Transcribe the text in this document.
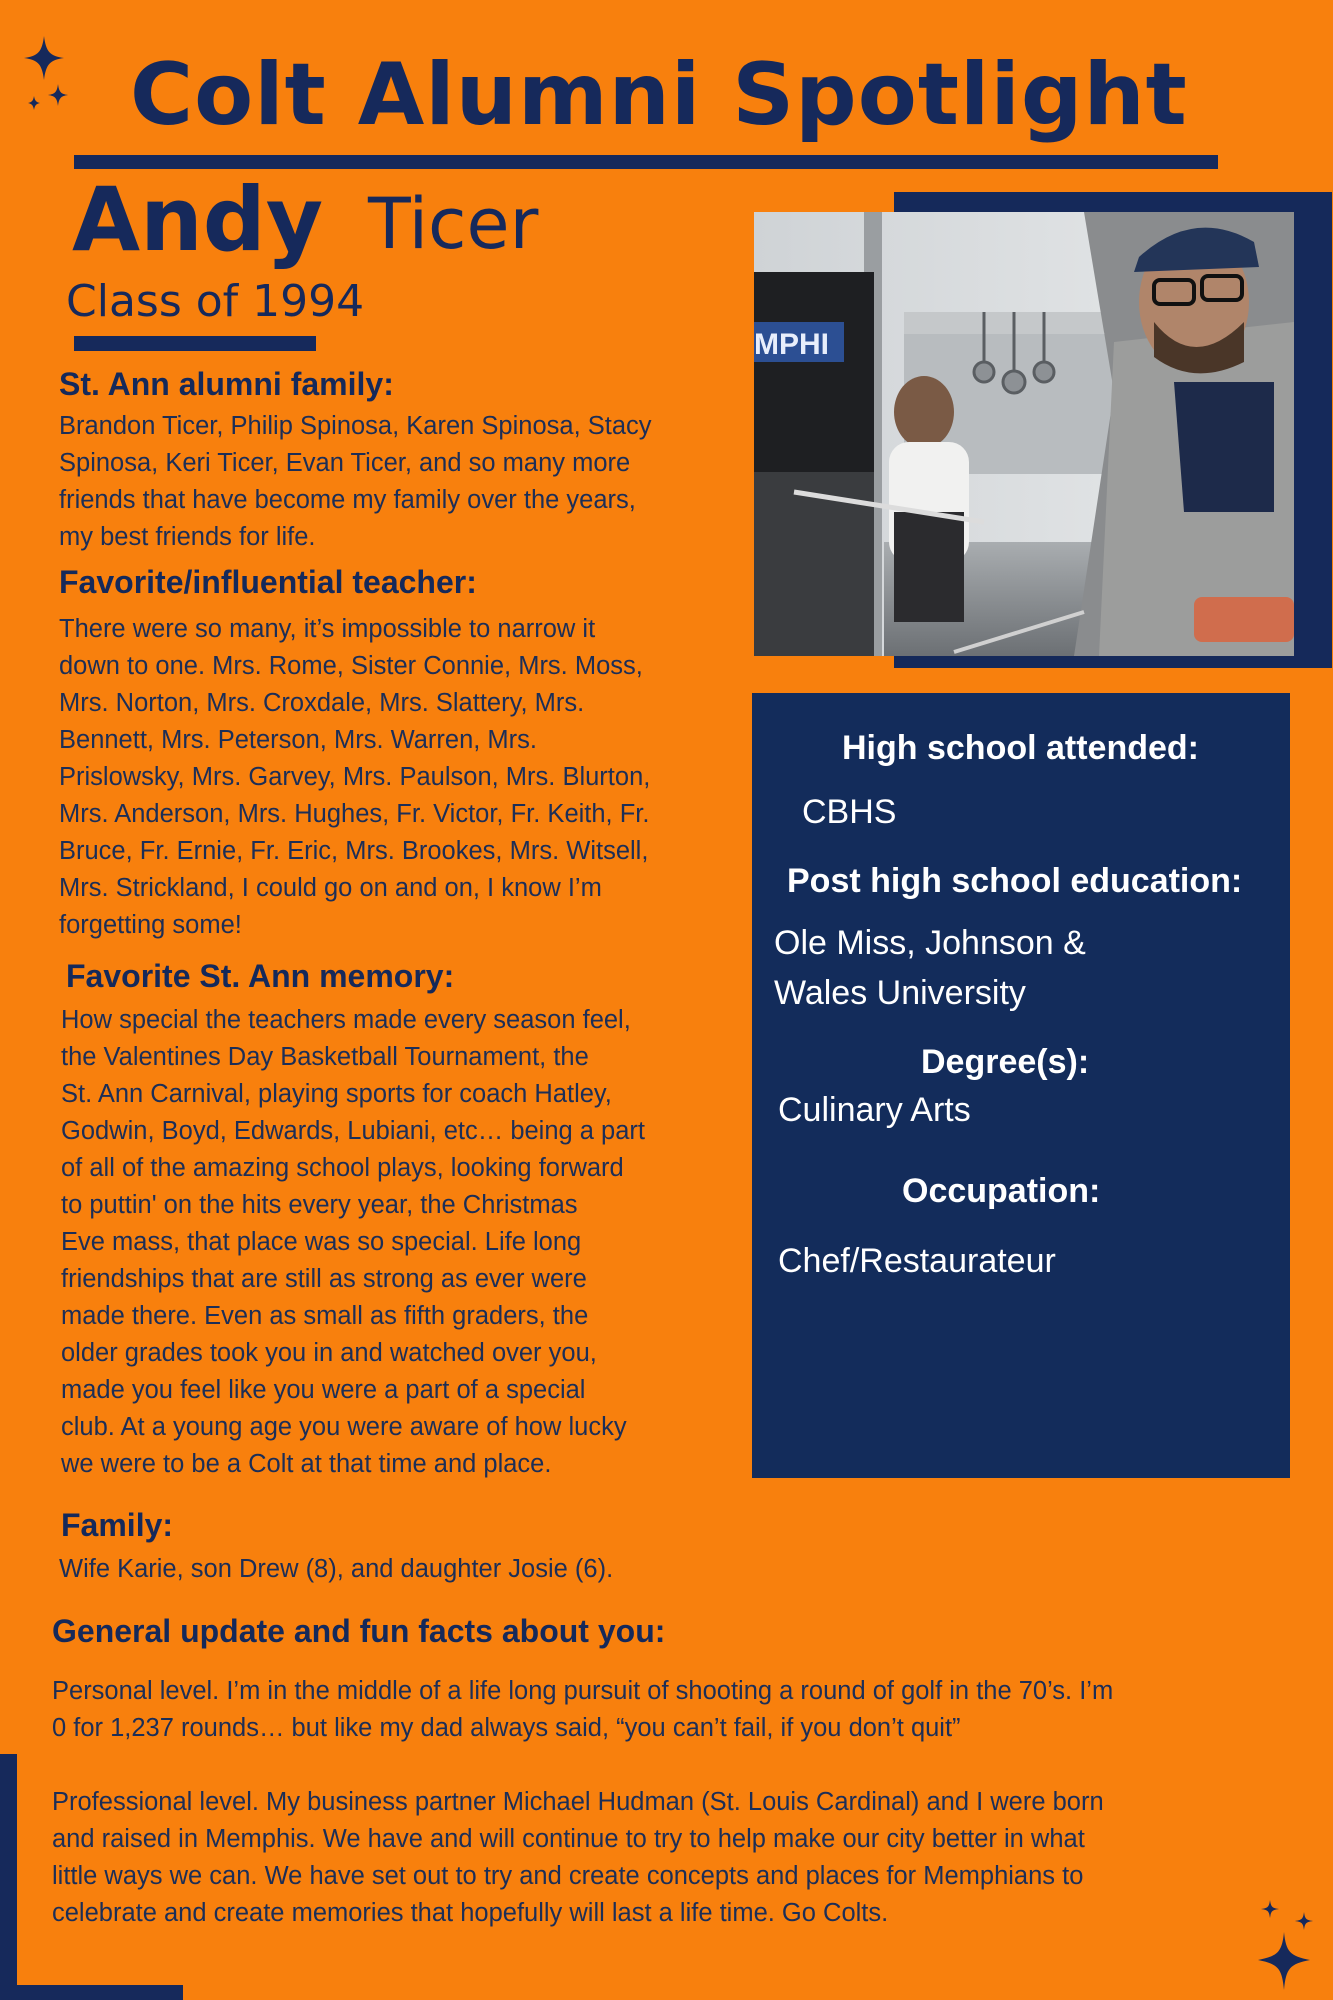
Colt Alumni Spotlight
Andy Ticer
Class of 1994
St. Ann alumni family:
Brandon Ticer, Philip Spinosa, Karen Spinosa, Stacy
Spinosa, Keri Ticer, Evan Ticer, and so many more
friends that have become my family over the years,
my best friends for life.
Favorite/influential teacher:
There were so many, it’s impossible to narrow it
down to one. Mrs. Rome, Sister Connie, Mrs. Moss,
Mrs. Norton, Mrs. Croxdale, Mrs. Slattery, Mrs.
Bennett, Mrs. Peterson, Mrs. Warren, Mrs.
Prislowsky, Mrs. Garvey, Mrs. Paulson, Mrs. Blurton,
Mrs. Anderson, Mrs. Hughes, Fr. Victor, Fr. Keith, Fr.
Bruce, Fr. Ernie, Fr. Eric, Mrs. Brookes, Mrs. Witsell,
Mrs. Strickland, I could go on and on, I know I’m
forgetting some!
Favorite St. Ann memory:
How special the teachers made every season feel,
the Valentines Day Basketball Tournament, the
St. Ann Carnival, playing sports for coach Hatley,
Godwin, Boyd, Edwards, Lubiani, etc… being a part
of all of the amazing school plays, looking forward
to puttin' on the hits every year, the Christmas
Eve mass, that place was so special. Life long
friendships that are still as strong as ever were
made there. Even as small as fifth graders, the
older grades took you in and watched over you,
made you feel like you were a part of a special
club. At a young age you were aware of how lucky
we were to be a Colt at that time and place.
MPHI
High school attended:
CBHS
Post high school education:
Ole Miss, Johnson &
Wales University
Degree(s):
Culinary Arts
Occupation:
Chef/Restaurateur
Family:
Wife Karie, son Drew (8), and daughter Josie (6).
General update and fun facts about you:
Personal level. I’m in the middle of a life long pursuit of shooting a round of golf in the 70’s. I’m
0 for 1,237 rounds… but like my dad always said, “you can’t fail, if you don’t quit”
Professional level. My business partner Michael Hudman (St. Louis Cardinal) and I were born
and raised in Memphis. We have and will continue to try to help make our city better in what
little ways we can. We have set out to try and create concepts and places for Memphians to
celebrate and create memories that hopefully will last a life time. Go Colts.
